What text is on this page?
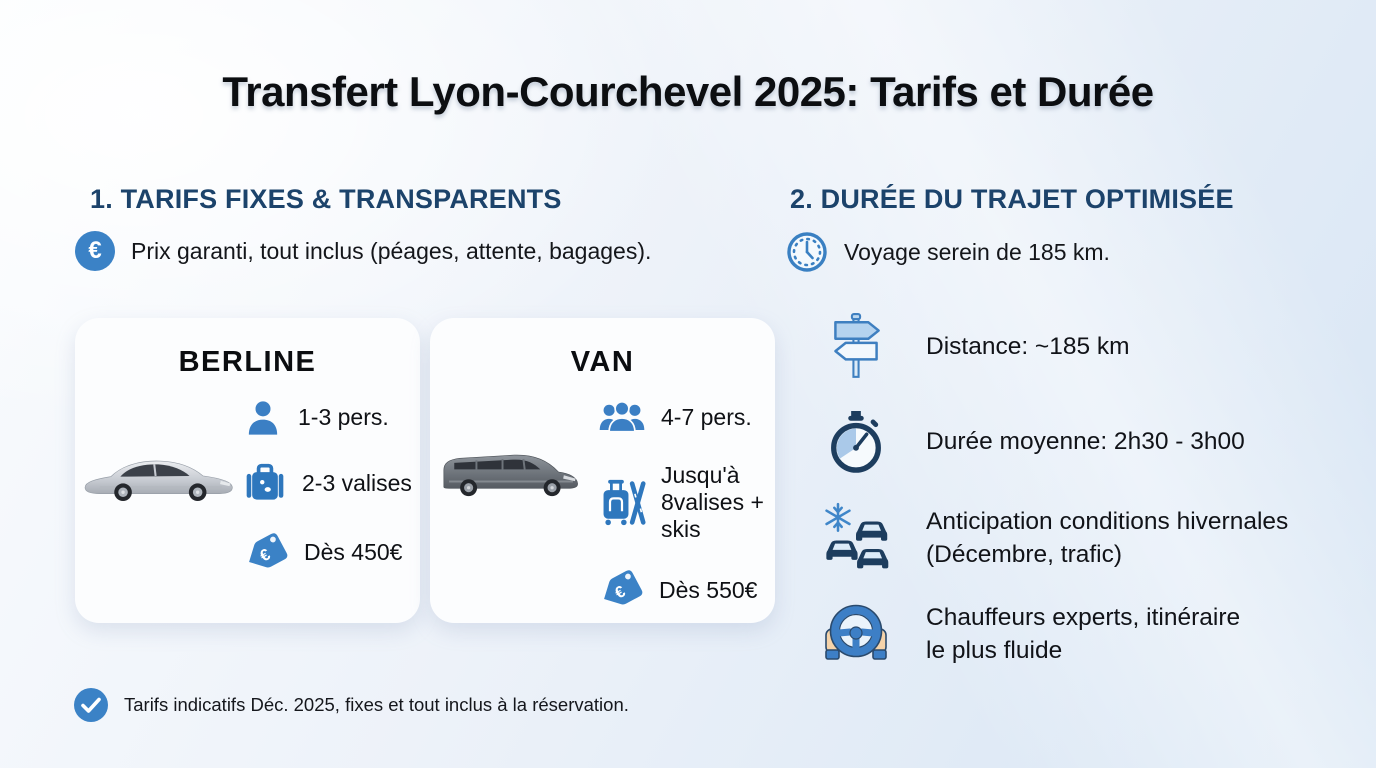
Transfert Lyon-Courchevel 2025: Tarifs et Durée
1. TARIFS FIXES & TRANSPARENTS
€ Prix garanti, tout inclus (péages, attente, bagages).
BERLINE
1-3 pers.
2-3 valises
€ Dès 450€
VAN
4-7 pers.
Jusqu'à 8valises + skis
€ Dès 550€
Tarifs indicatifs Déc. 2025, fixes et tout inclus à la réservation.
2. DURÉE DU TRAJET OPTIMISÉE
Voyage serein de 185 km.
Distance: ~185 km
Durée moyenne: 2h30 - 3h00
Anticipation conditions hivernales
(Décembre, trafic)
Chauffeurs experts, itinéraire
le plus fluide
